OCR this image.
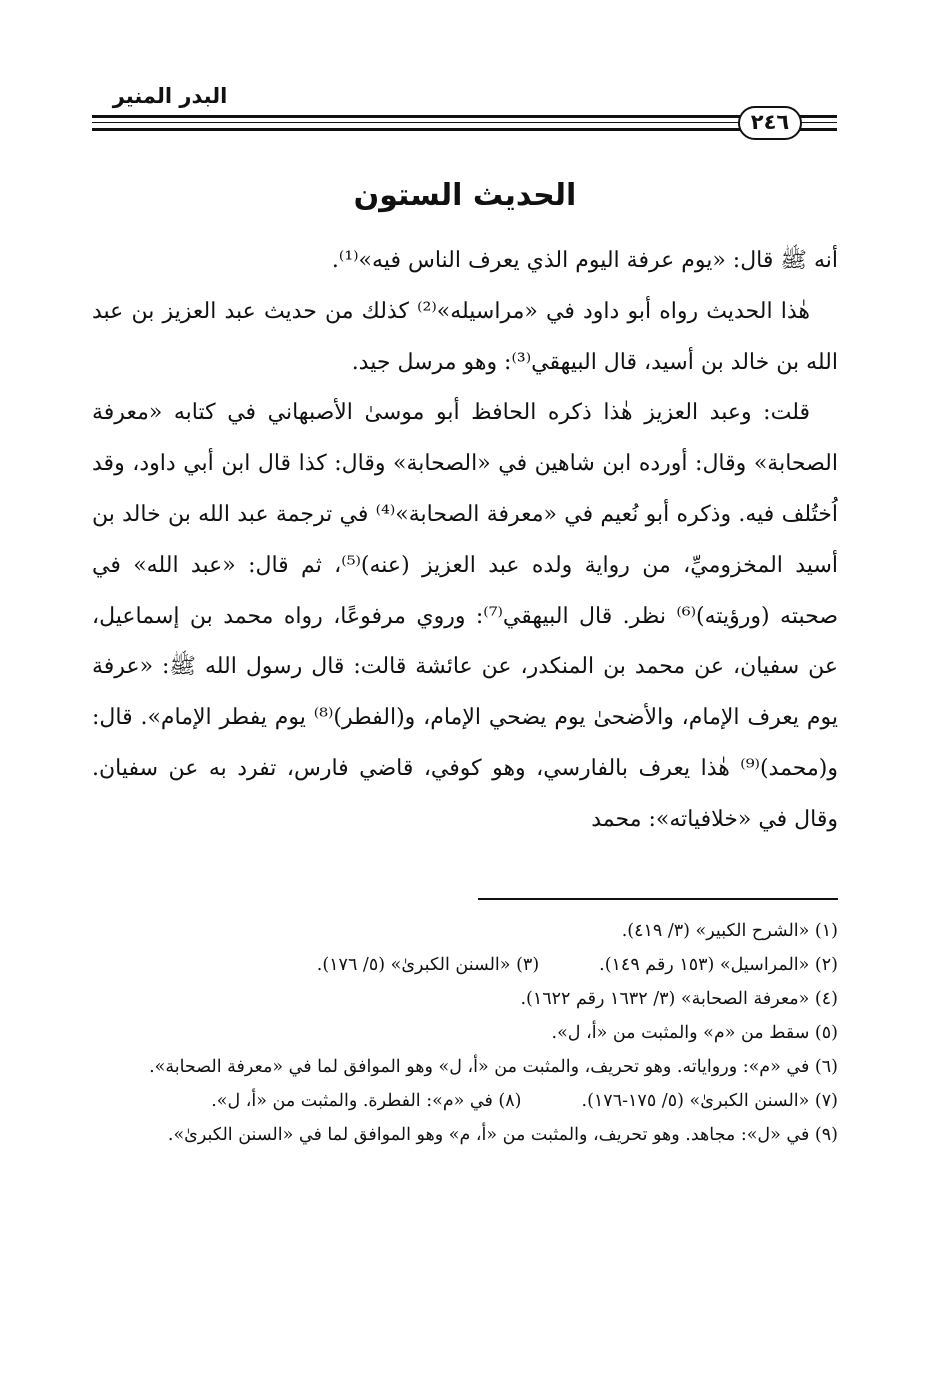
البدر المنير
٢٤٦
الحديث الستون

أنه ﷺ قال: «يوم عرفة اليوم الذي يعرف الناس فيه»⁽¹⁾.

هٰذا الحديث رواه أبو داود في «مراسيله»⁽²⁾ كذلك من حديث عبد العزيز بن عبد الله بن خالد بن أسيد، قال البيهقي⁽³⁾: وهو مرسل جيد.

قلت: وعبد العزيز هٰذا ذكره الحافظ أبو موسىٰ الأصبهاني في كتابه «معرفة الصحابة» وقال: أورده ابن شاهين في «الصحابة» وقال: كذا قال ابن أبي داود، وقد اُختُلف فيه. وذكره أبو نُعيم في «معرفة الصحابة»⁽⁴⁾ في ترجمة عبد الله بن خالد بن أسيد المخزوميِّ، من رواية ولده عبد العزيز (عنه)⁽⁵⁾، ثم قال: «عبد الله» في صحبته (ورؤيته)⁽⁶⁾ نظر. قال البيهقي⁽⁷⁾: وروي مرفوعًا، رواه محمد بن إسماعيل، عن سفيان، عن محمد بن المنكدر، عن عائشة قالت: قال رسول الله ﷺ: «عرفة يوم يعرف الإمام، والأضحىٰ يوم يضحي الإمام، و(الفطر)⁽⁸⁾ يوم يفطر الإمام». قال: و(محمد)⁽⁹⁾ هٰذا يعرف بالفارسي، وهو كوفي، قاضي فارس، تفرد به عن سفيان. وقال في «خلافياته»: محمد

(١) «الشرح الكبير» (٣/ ٤١٩).

(٢) «المراسيل» (١٥٣ رقم ١٤٩).
(٣) «السنن الكبرىٰ» (٥/ ١٧٦).

(٤) «معرفة الصحابة» (٣/ ١٦٣٢ رقم ١٦٢٢).

(٥) سقط من «م» والمثبت من «أ، ل».

(٦) في «م»: ورواياته. وهو تحريف، والمثبت من «أ، ل» وهو الموافق لما في «معرفة الصحابة».

(٧) «السنن الكبرىٰ» (٥/ ١٧٥-١٧٦).
(٨) في «م»: الفطرة. والمثبت من «أ، ل».

(٩) في «ل»: مجاهد. وهو تحريف، والمثبت من «أ، م» وهو الموافق لما في «السنن الكبرىٰ».
